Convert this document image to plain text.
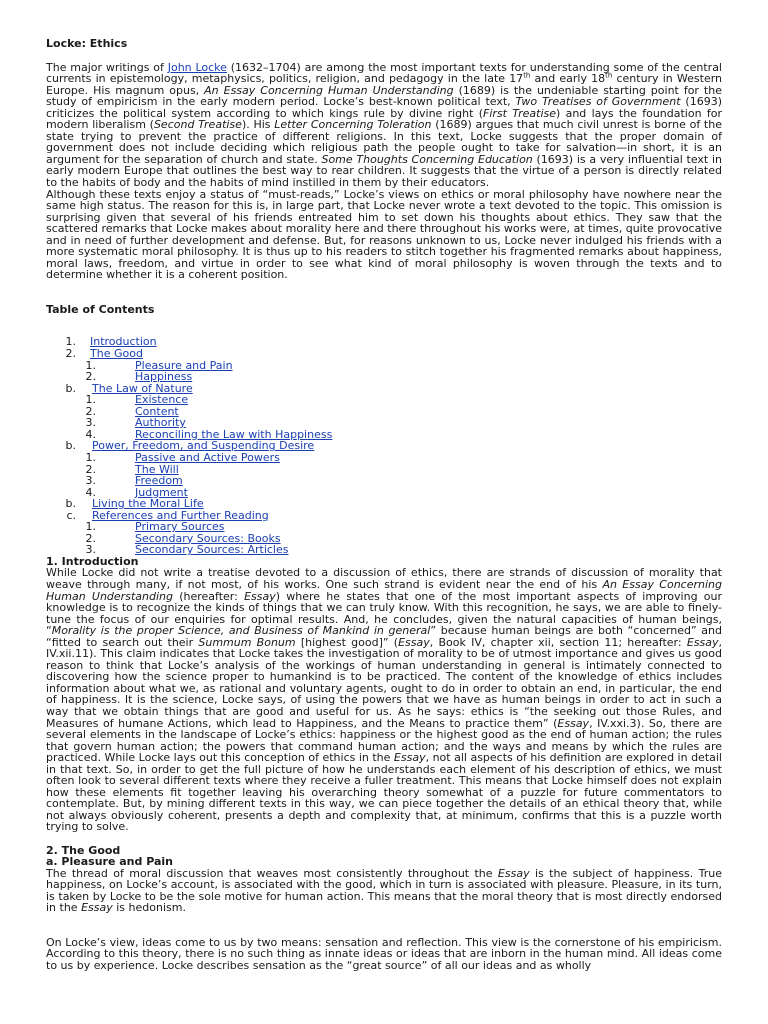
Locke: Ethics

The major writings of John Locke (1632–1704) are among the most important texts for understanding some of the central currents in epistemology, metaphysics, politics, religion, and pedagogy in the late 17th and early 18th century in Western Europe. His magnum opus, An Essay Concerning Human Understanding (1689) is the undeniable starting point for the study of empiricism in the early modern period. Locke’s best-known political text, Two Treatises of Government (1693) criticizes the political system according to which kings rule by divine right (First Treatise) and lays the foundation for modern liberalism (Second Treatise). His Letter Concerning Toleration (1689) argues that much civil unrest is borne of the state trying to prevent the practice of different religions. In this text, Locke suggests that the proper domain of government does not include deciding which religious path the people ought to take for salvation—in short, it is an argument for the separation of church and state. Some Thoughts Concerning Education (1693) is a very influential text in early modern Europe that outlines the best way to rear children. It suggests that the virtue of a person is directly related to the habits of body and the habits of mind instilled in them by their educators.

Although these texts enjoy a status of “must-reads,” Locke’s views on ethics or moral philosophy have nowhere near the same high status. The reason for this is, in large part, that Locke never wrote a text devoted to the topic. This omission is surprising given that several of his friends entreated him to set down his thoughts about ethics. They saw that the scattered remarks that Locke makes about morality here and there throughout his works were, at times, quite provocative and in need of further development and defense. But, for reasons unknown to us, Locke never indulged his friends with a more systematic moral philosophy. It is thus up to his readers to stitch together his fragmented remarks about happiness, moral laws, freedom, and virtue in order to see what kind of moral philosophy is woven through the texts and to determine whether it is a coherent position.

Table of Contents
1. Introduction
2. The Good
1.	Pleasure and Pain
2.	Happiness
b. The Law of Nature
1.	Existence
2.	Content
3.	Authority
4.	Reconciling the Law with Happiness
b. Power, Freedom, and Suspending Desire
1.	Passive and Active Powers
2.	The Will
3.	Freedom
4.	Judgment
b. Living the Moral Life
c. References and Further Reading
1.	Primary Sources
2.	Secondary Sources: Books
3.	Secondary Sources: Articles
1. Introduction

While Locke did not write a treatise devoted to a discussion of ethics, there are strands of discussion of morality that weave through many, if not most, of his works. One such strand is evident near the end of his An Essay Concerning Human Understanding (hereafter: Essay) where he states that one of the most important aspects of improving our knowledge is to recognize the kinds of things that we can truly know. With this recognition, he says, we are able to finely-tune the focus of our enquiries for optimal results. And, he concludes, given the natural capacities of human beings, “Morality is the proper Science, and Business of Mankind in general” because human beings are both “concerned” and “fitted to search out their Summum Bonum [highest good]” (Essay, Book IV, chapter xii, section 11; hereafter: Essay, IV.xii.11). This claim indicates that Locke takes the investigation of morality to be of utmost importance and gives us good reason to think that Locke’s analysis of the workings of human understanding in general is intimately connected to discovering how the science proper to humankind is to be practiced. The content of the knowledge of ethics includes information about what we, as rational and voluntary agents, ought to do in order to obtain an end, in particular, the end of happiness. It is the science, Locke says, of using the powers that we have as human beings in order to act in such a way that we obtain things that are good and useful for us. As he says: ethics is “the seeking out those Rules, and Measures of humane Actions, which lead to Happiness, and the Means to practice them” (Essay, IV.xxi.3). So, there are several elements in the landscape of Locke’s ethics: happiness or the highest good as the end of human action; the rules that govern human action; the powers that command human action; and the ways and means by which the rules are practiced. While Locke lays out this conception of ethics in the Essay, not all aspects of his definition are explored in detail in that text. So, in order to get the full picture of how he understands each element of his description of ethics, we must often look to several different texts where they receive a fuller treatment. This means that Locke himself does not explain how these elements fit together leaving his overarching theory somewhat of a puzzle for future commentators to contemplate. But, by mining different texts in this way, we can piece together the details of an ethical theory that, while not always obviously coherent, presents a depth and complexity that, at minimum, confirms that this is a puzzle worth trying to solve.

2. The Good
a. Pleasure and Pain

The thread of moral discussion that weaves most consistently throughout the Essay is the subject of happiness. True happiness, on Locke’s account, is associated with the good, which in turn is associated with pleasure. Pleasure, in its turn, is taken by Locke to be the sole motive for human action. This means that the moral theory that is most directly endorsed in the Essay is hedonism.

On Locke’s view, ideas come to us by two means: sensation and reflection. This view is the cornerstone of his empiricism. According to this theory, there is no such thing as innate ideas or ideas that are inborn in the human mind. All ideas come to us by experience. Locke describes sensation as the “great source” of all our ideas and as wholly
